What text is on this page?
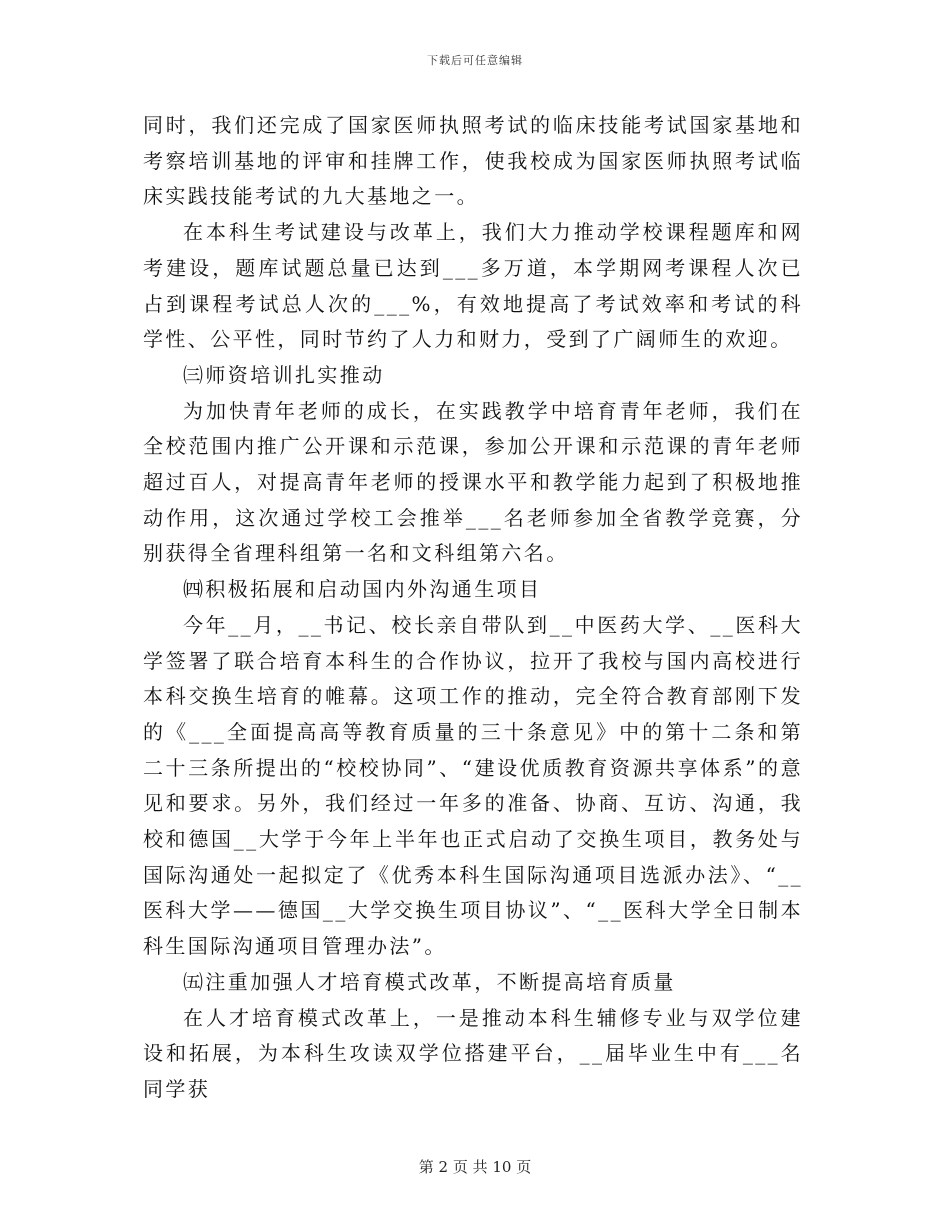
下载后可任意编辑

同时，我们还完成了国家医师执照考试的临床技能考试国家基地和考察培训基地的评审和挂牌工作，使我校成为国家医师执照考试临床实践技能考试的九大基地之一。

在本科生考试建设与改革上，我们大力推动学校课程题库和网考建设，题库试题总量已达到___多万道，本学期网考课程人次已占到课程考试总人次的___%，有效地提高了考试效率和考试的科学性、公平性，同时节约了人力和财力，受到了广阔师生的欢迎。

㈢师资培训扎实推动

为加快青年老师的成长，在实践教学中培育青年老师，我们在全校范围内推广公开课和示范课，参加公开课和示范课的青年老师超过百人，对提高青年老师的授课水平和教学能力起到了积极地推动作用，这次通过学校工会推举___名老师参加全省教学竞赛，分别获得全省理科组第一名和文科组第六名。

㈣积极拓展和启动国内外沟通生项目

今年__月，__书记、校长亲自带队到__中医药大学、__医科大学签署了联合培育本科生的合作协议，拉开了我校与国内高校进行本科交换生培育的帷幕。这项工作的推动，完全符合教育部刚下发的《___全面提高高等教育质量的三十条意见》中的第十二条和第二十三条所提出的“校校协同”、“建设优质教育资源共享体系”的意见和要求。另外，我们经过一年多的准备、协商、互访、沟通，我校和德国__大学于今年上半年也正式启动了交换生项目，教务处与国际沟通处一起拟定了《优秀本科生国际沟通项目选派办法》、“__医科大学——德国__大学交换生项目协议”、“__医科大学全日制本科生国际沟通项目管理办法”。

㈤注重加强人才培育模式改革，不断提高培育质量

在人才培育模式改革上，一是推动本科生辅修专业与双学位建设和拓展，为本科生攻读双学位搭建平台，__届毕业生中有___名同学获

第 2 页 共 10 页
